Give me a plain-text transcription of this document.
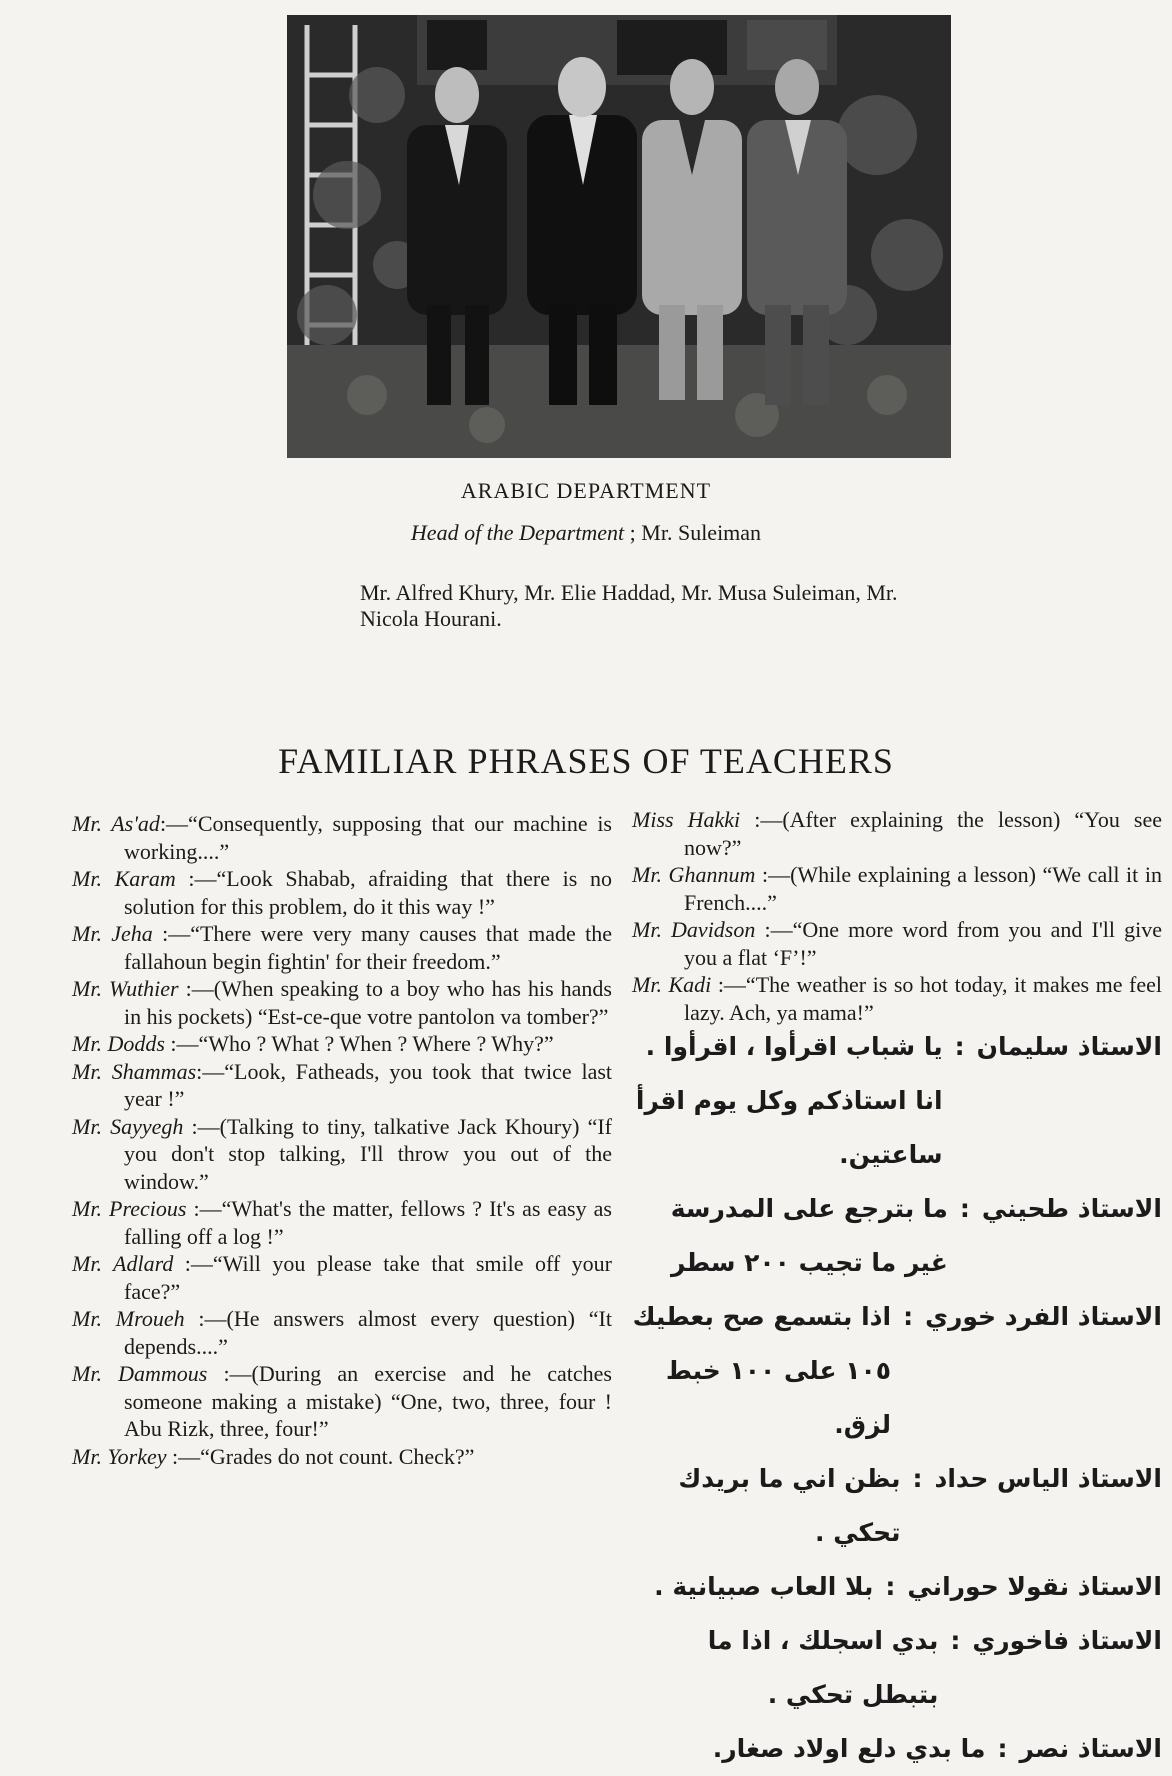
ARABIC DEPARTMENT
Head of the Department ; Mr. Suleiman
Mr. Alfred Khury, Mr. Elie Haddad, Mr. Musa Suleiman, Mr. Nicola Hourani.
FAMILIAR PHRASES OF TEACHERS

Mr. As'ad:—“Consequently, supposing that our machine is working....”

Mr. Karam :—“Look Shabab, afraiding that there is no solution for this problem, do it this way !”

Mr. Jeha :—“There were very many causes that made the fallahoun begin fightin' for their freedom.”

Mr. Wuthier :—(When speaking to a boy who has his hands in his pockets) “Est-ce-que votre pantolon va tomber?”

Mr. Dodds :—“Who ? What ? When ? Where ? Why?”

Mr. Shammas:—“Look, Fatheads, you took that twice last year !”

Mr. Sayyegh :—(Talking to tiny, talkative Jack Khoury) “If you don't stop talking, I'll throw you out of the window.”

Mr. Precious :—“What's the matter, fellows ? It's as easy as falling off a log !”

Mr. Adlard :—“Will you please take that smile off your face?”

Mr. Mroueh :—(He answers almost every question) “It depends....”

Mr. Dammous :—(During an exercise and he catches someone making a mistake) “One, two, three, four ! Abu Rizk, three, four!”

Mr. Yorkey :—“Grades do not count. Check?”

Miss Hakki :—(After explaining the lesson) “You see now?”

Mr. Ghannum :—(While explaining a lesson) “We call it in French....”

Mr. Davidson :—“One more word from you and I'll give you a flat ‘F’!”

Mr. Kadi :—“The weather is so hot today, it makes me feel lazy. Ach, ya mama!”

الاستاذ سليمان
:
يا شباب اقرأوا ، اقرأوا . انا استاذكم وكل يوم اقرأ ساعتين.
الاستاذ طحيني
:
ما بترجع على المدرسة غير ما تجيب ٢٠٠ سطر
الاستاذ الفرد خوري
:
اذا بتسمع صح بعطيك ١٠٥ على ١٠٠ خبط لزق.
الاستاذ الياس حداد
:
بظن اني ما بريدك تحكي .
الاستاذ نقولا حوراني
:
بلا العاب صبيانية .
الاستاذ فاخوري
:
بدي اسجلك ، اذا ما بتبطل تحكي .
الاستاذ نصر
:
ما بدي دلع اولاد صغار.
